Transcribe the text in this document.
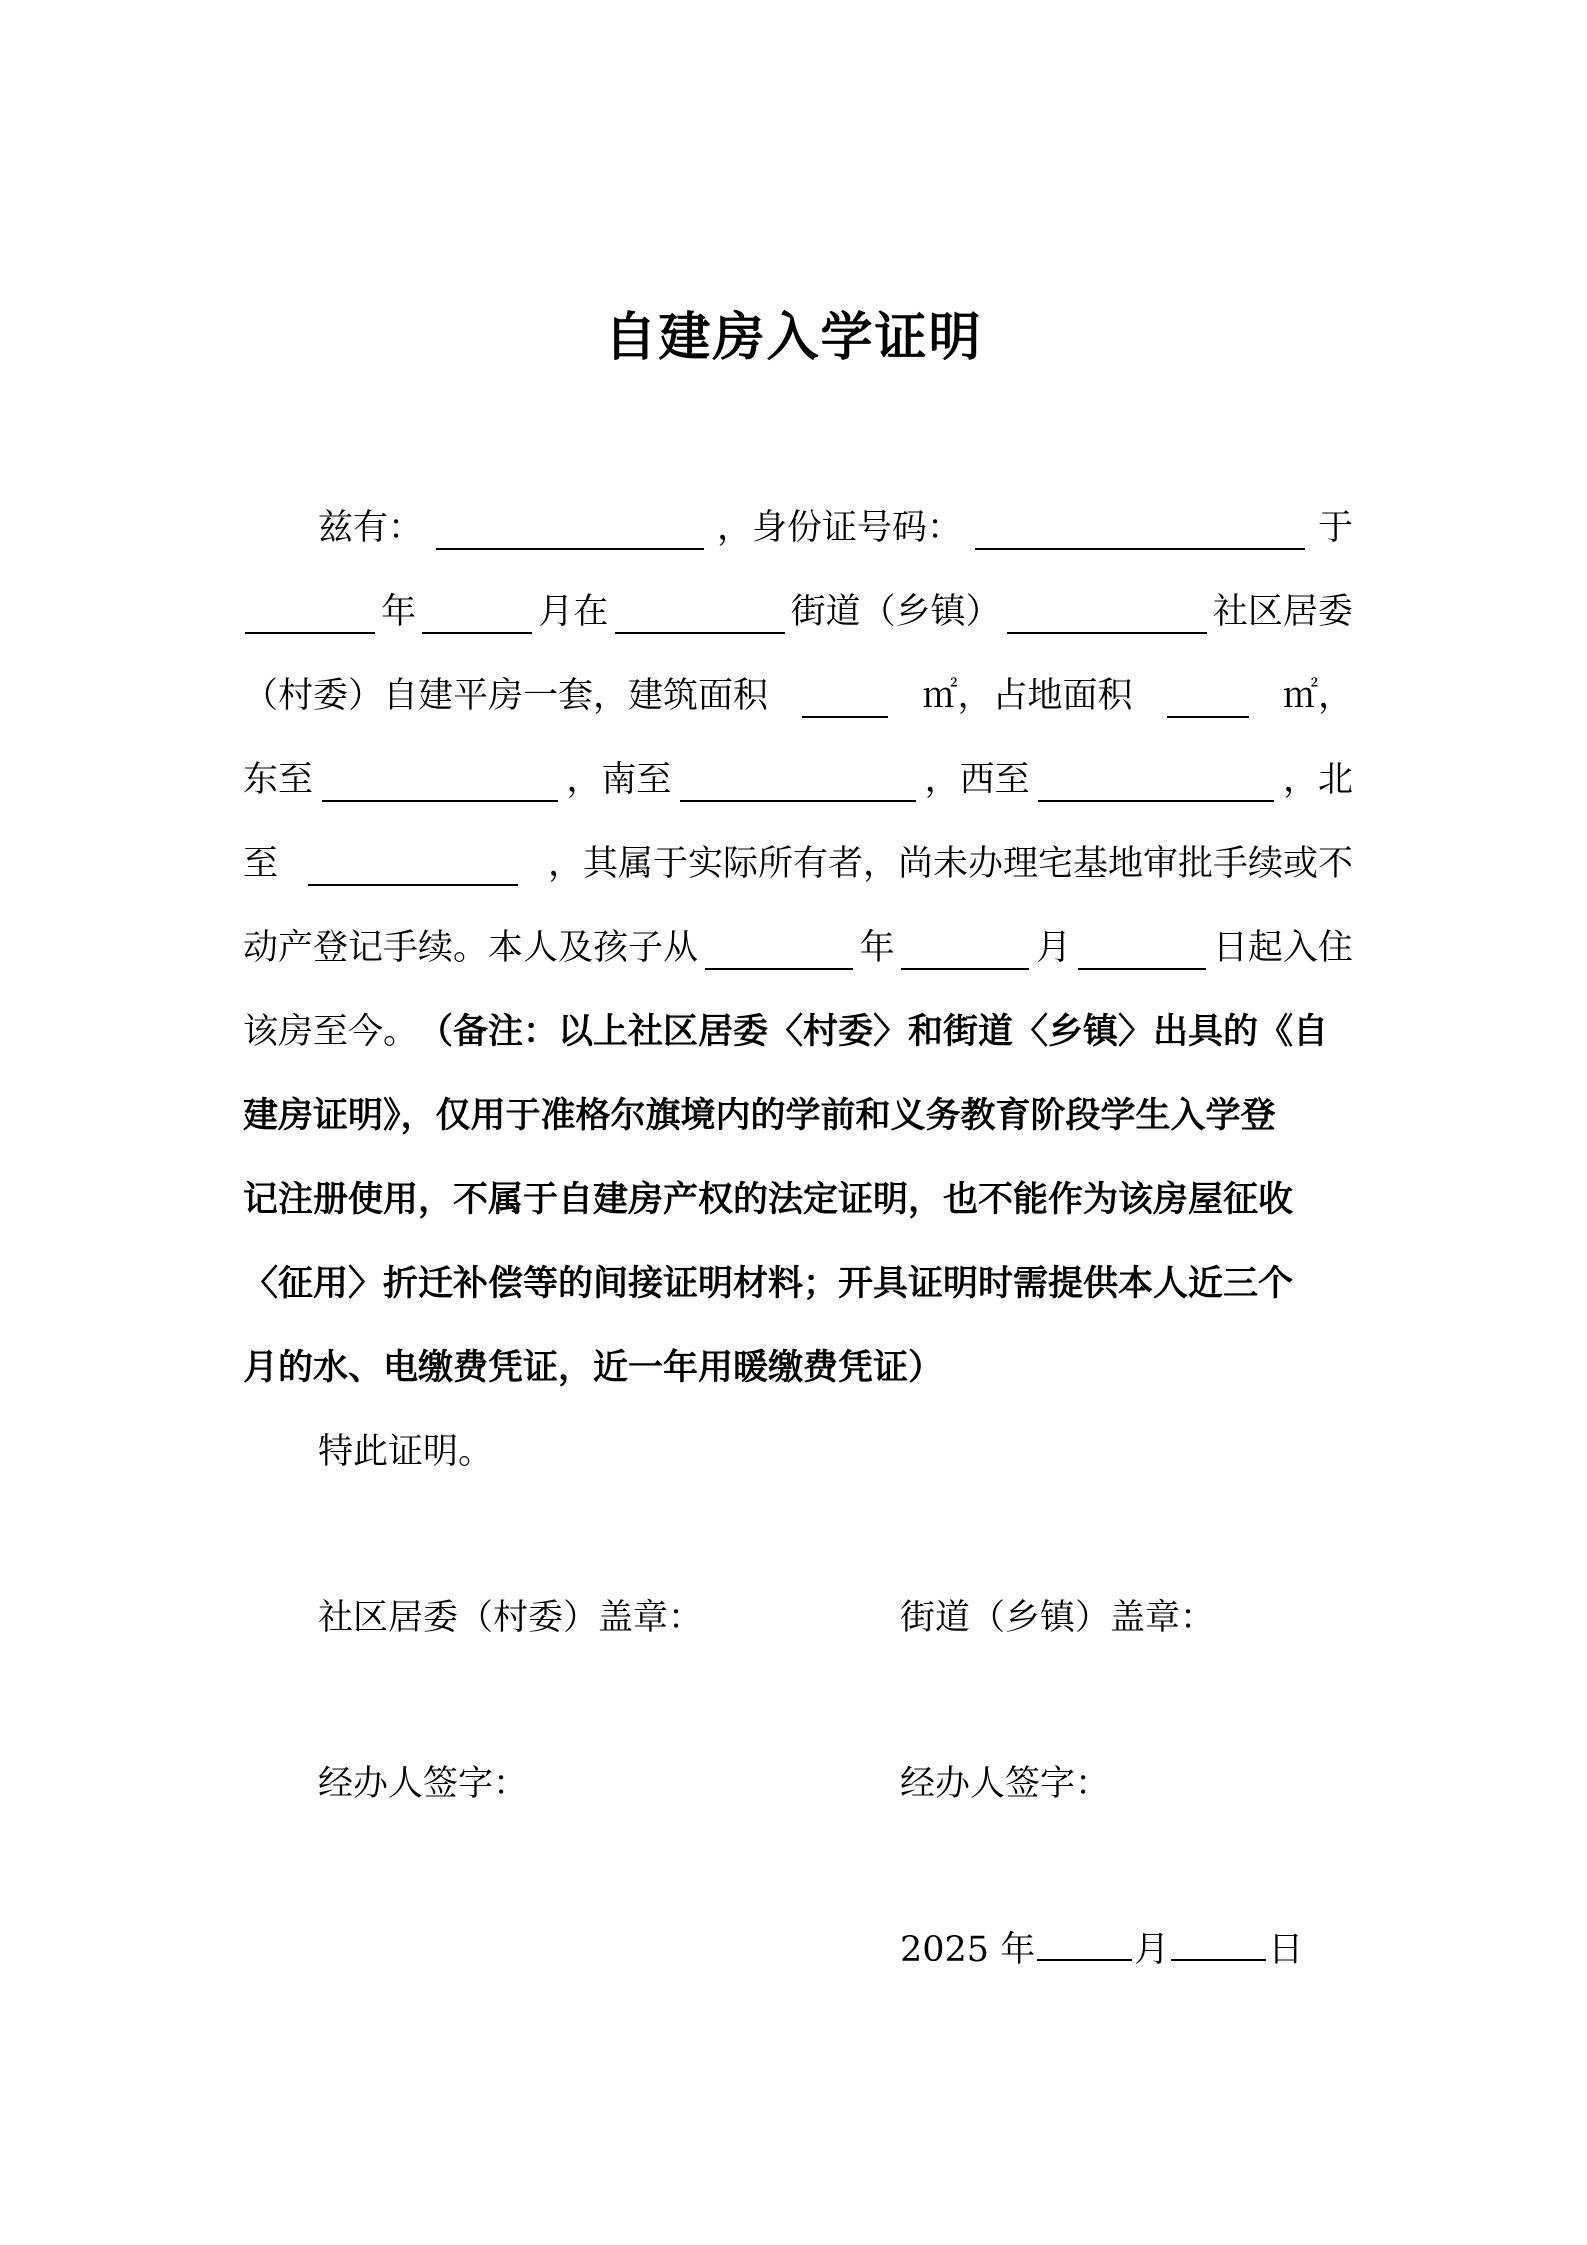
自建房入学证明
兹有：	，身份证号码：	于
年	月在	街道（乡镇）	社区居委
（村委）自建平房一套，建筑面积	㎡，占地面积	㎡，
东至	，南至	，西至	，北
至	，其属于实际所有者，尚未办理宅基地审批手续或不
动产登记手续。本人及孩子从	年	月	日起入住
该房至今。（备注：以上社区居委〈村委〉和街道〈乡镇〉出具的《自
建房证明》，仅用于准格尔旗境内的学前和义务教育阶段学生入学登
记注册使用，不属于自建房产权的法定证明，也不能作为该房屋征收
〈征用〉折迁补偿等的间接证明材料；开具证明时需提供本人近三个
月的水、电缴费凭证，近一年用暖缴费凭证）
特此证明。
社区居委（村委）盖章：	街道（乡镇）盖章：
经办人签字：	经办人签字：
2025 年	月	日
